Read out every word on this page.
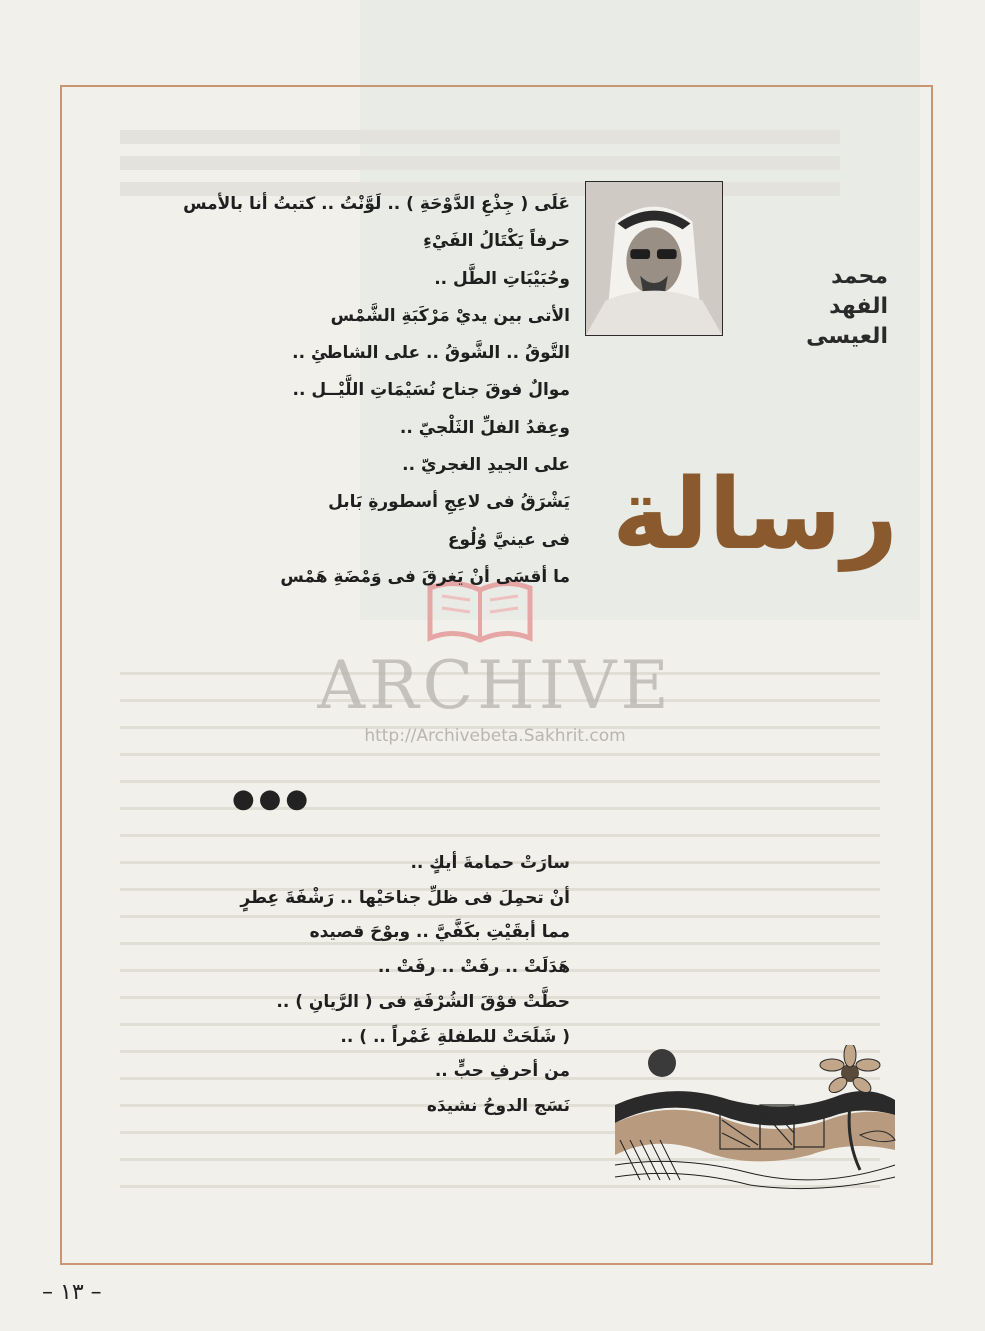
محمد
الفهد
العيسى
رسالة
عَلَى ( جِذْعِ الدَّوْحَةِ ) .. لَوَّنْتُ .. كتبتُ أنا بالأمس
حرفاً يَكْتَالُ الفَيْءِ
وحُبَيْبَاتِ الطَّل ..
الأتى بين يديْ مَرْكَبَةِ الشَّمْس
التَّوقُ .. الشَّوقُ .. على الشاطئِ ..
موالٌ فوقَ جناح نُسَيْمَاتِ اللَّيْــل ..
وعِقدُ الفلِّ الثَلْجيّ ..
على الجيدِ الغجريّ ..
يَشْرَقُ فى لاعِجِ أسطورةِ بَابل
فى عينيَّ وُلُوع
ما أقسَى أنْ يَغرقَ فى وَمْضَةِ هَمْس
ARCHIVE
http://Archivebeta.Sakhrit.com
●●●
سارَتْ حمامةَ أيكٍ ..
أنْ تحمِلَ فى ظلِّ جناحَيْها .. رَشْفَةَ عِطرٍ
مما أبقَيْتِ بكَفَّيَّ .. وبوْحَ قصيده
هَدَلَتْ .. رفَتْ .. رفَتْ ..
حطَّتْ فوْقَ الشُرْفَةِ فى ( الرَّيانِ ) ..
( شَلَحَتْ للطفلةِ غَمْراً .. ) ..
من أحرفِ حبٍّ ..
نَسَج الدوحُ نشيدَه
– ١٣ –
